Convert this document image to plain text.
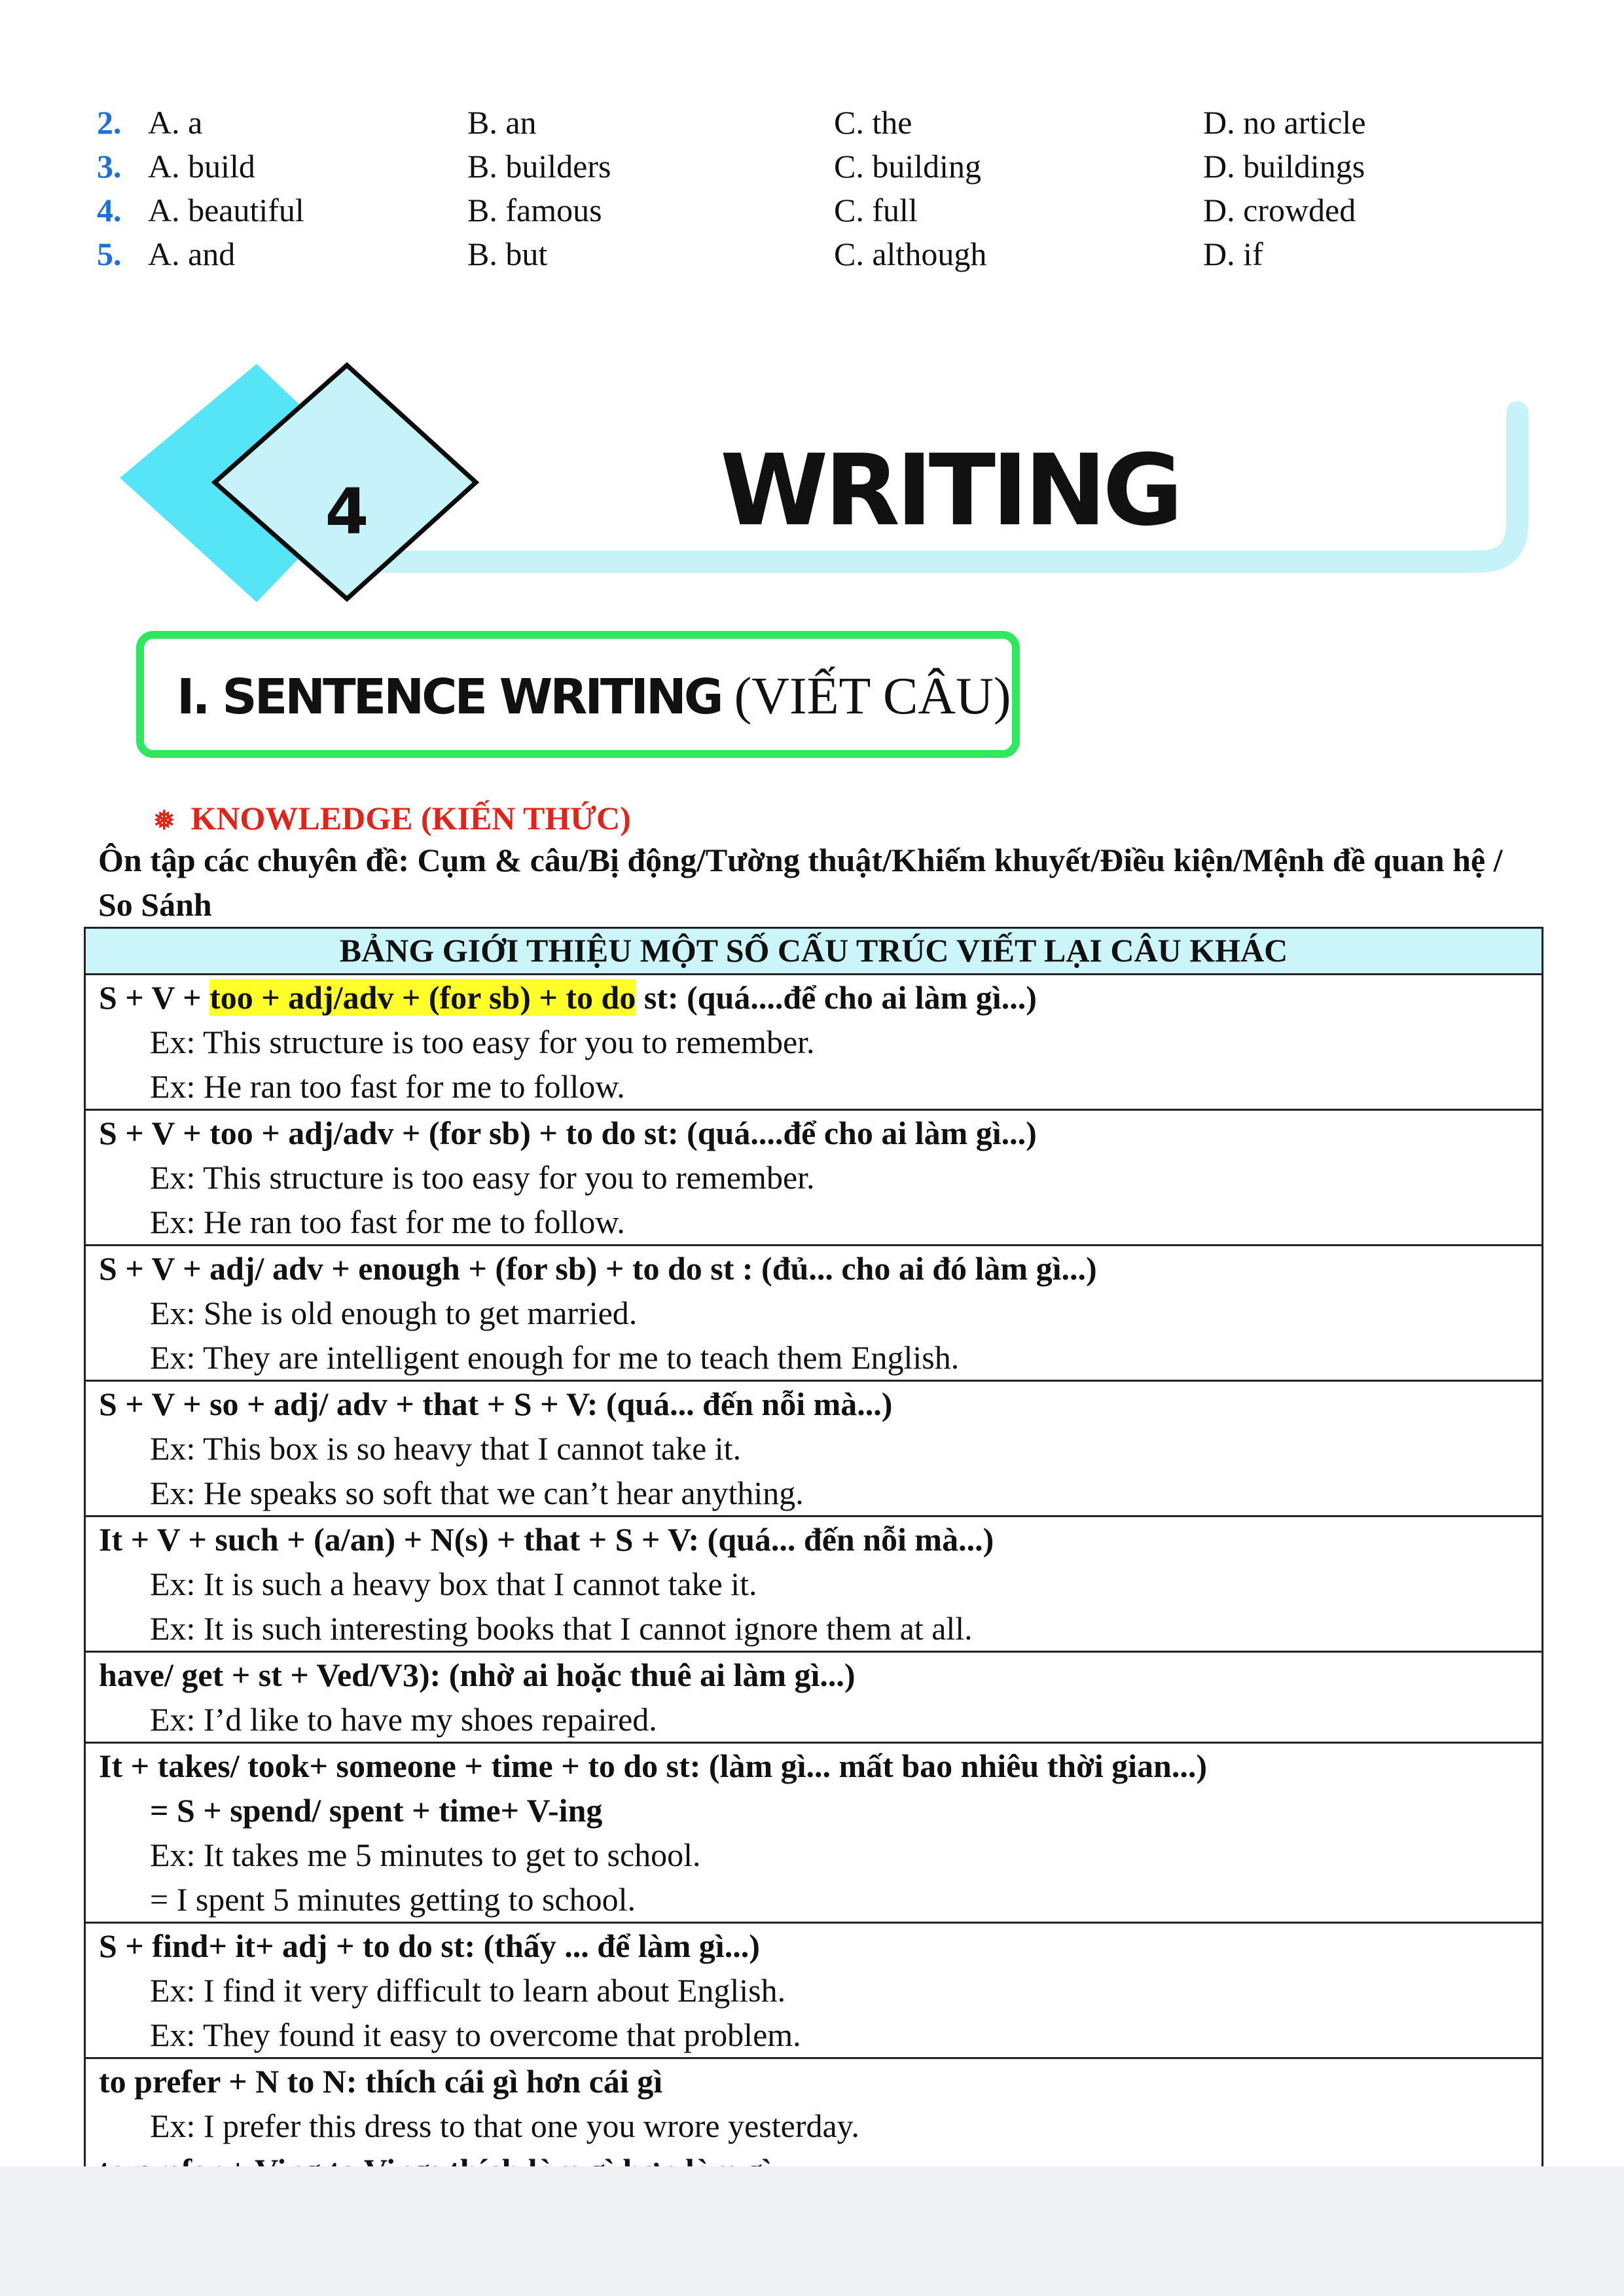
2. A. a	B. an	C. the	D. no article
3. A. build	B. builders	C. building	D. buildings
4. A. beautiful	B. famous	C. full	D. crowded
5. A. and	B. but	C. although	D. if
4	WRITING
I. SENTENCE WRITING (VIẾT CÂU)
❅ KNOWLEDGE (KIẾN THỨC)
Ôn tập các chuyên đề: Cụm & câu/Bị động/Tường thuật/Khiếm khuyết/Điều kiện/Mệnh đề quan hệ / So Sánh
BẢNG GIỚI THIỆU MỘT SỐ CẤU TRÚC VIẾT LẠI CÂU KHÁC

S + V + too + adj/adv + (for sb) + to do st: (quá....để cho ai làm gì...)
Ex: This structure is too easy for you to remember.
Ex: He ran too fast for me to follow.

S + V + too + adj/adv + (for sb) + to do st: (quá....để cho ai làm gì...)
Ex: This structure is too easy for you to remember.
Ex: He ran too fast for me to follow.

S + V + adj/ adv + enough + (for sb) + to do st : (đủ... cho ai đó làm gì...)
Ex: She is old enough to get married.
Ex: They are intelligent enough for me to teach them English.

S + V + so + adj/ adv + that + S + V: (quá... đến nỗi mà...)
Ex: This box is so heavy that I cannot take it.
Ex: He speaks so soft that we can’t hear anything.

It + V + such + (a/an) + N(s) + that + S + V: (quá... đến nỗi mà...)
Ex: It is such a heavy box that I cannot take it.
Ex: It is such interesting books that I cannot ignore them at all.

have/ get + st + Ved/V3): (nhờ ai hoặc thuê ai làm gì...)
Ex: I’d like to have my shoes repaired.

It + takes/ took+ someone + time + to do st: (làm gì... mất bao nhiêu thời gian...)
= S + spend/ spent + time+ V-ing
Ex: It takes me 5 minutes to get to school.
= I spent 5 minutes getting to school.

S + find+ it+ adj + to do st: (thấy ... để làm gì...)
Ex: I find it very difficult to learn about English.
Ex: They found it easy to overcome that problem.

to prefer + N to N: thích cái gì hơn cái gì
Ex: I prefer this dress to that one you wrore yesterday.
